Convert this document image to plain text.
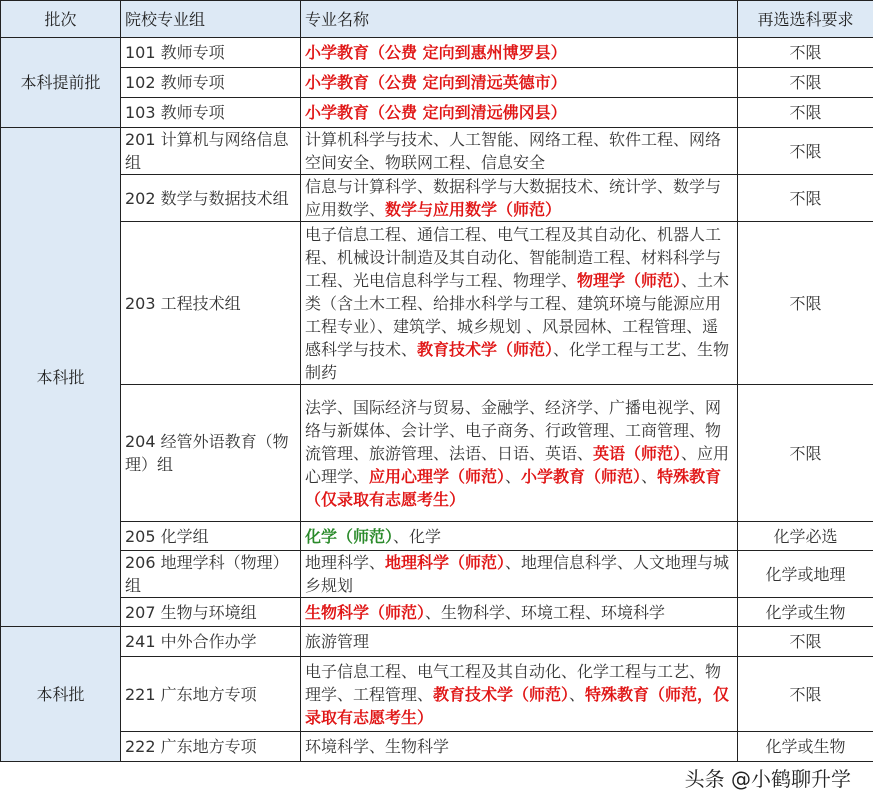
批次	院校专业组	专业名称	再选选科要求
本科提前批	101 教师专项	小学教育（公费 定向到惠州博罗县）	不限
	102 教师专项	小学教育（公费 定向到清远英德市）	不限
	103 教师专项	小学教育（公费 定向到清远佛冈县）	不限
本科批	201 计算机与网络信息组	计算机科学与技术、人工智能、网络工程、软件工程、网络空间安全、物联网工程、信息安全	不限
	202 数学与数据技术组	信息与计算科学、数据科学与大数据技术、统计学、数学与应用数学、数学与应用数学（师范）	不限
	203 工程技术组	电子信息工程、通信工程、电气工程及其自动化、机器人工程、机械设计制造及其自动化、智能制造工程、材料科学与工程、光电信息科学与工程、物理学、物理学（师范）、土木类（含土木工程、给排水科学与工程、建筑环境与能源应用工程专业）、建筑学、城乡规划 、风景园林、工程管理、遥感科学与技术、教育技术学（师范）、化学工程与工艺、生物制药	不限
	204 经管外语教育（物理）组	法学、国际经济与贸易、金融学、经济学、广播电视学、网络与新媒体、会计学、电子商务、行政管理、工商管理、物流管理、旅游管理、法语、日语、英语、英语（师范）、应用心理学、应用心理学（师范）、小学教育（师范）、特殊教育（仅录取有志愿考生）	不限
	205 化学组	化学（师范）、化学	化学必选
	206 地理学科（物理）组	地理科学、地理科学（师范）、地理信息科学、人文地理与城乡规划	化学或地理
	207 生物与环境组	生物科学（师范）、生物科学、环境工程、环境科学	化学或生物
本科批	241 中外合作办学	旅游管理	不限
	221 广东地方专项	电子信息工程、电气工程及其自动化、化学工程与工艺、物理学、工程管理、教育技术学（师范）、特殊教育（师范，仅录取有志愿考生）	不限
	222 广东地方专项	环境科学、生物科学	化学或生物
头条 @小鹤聊升学
